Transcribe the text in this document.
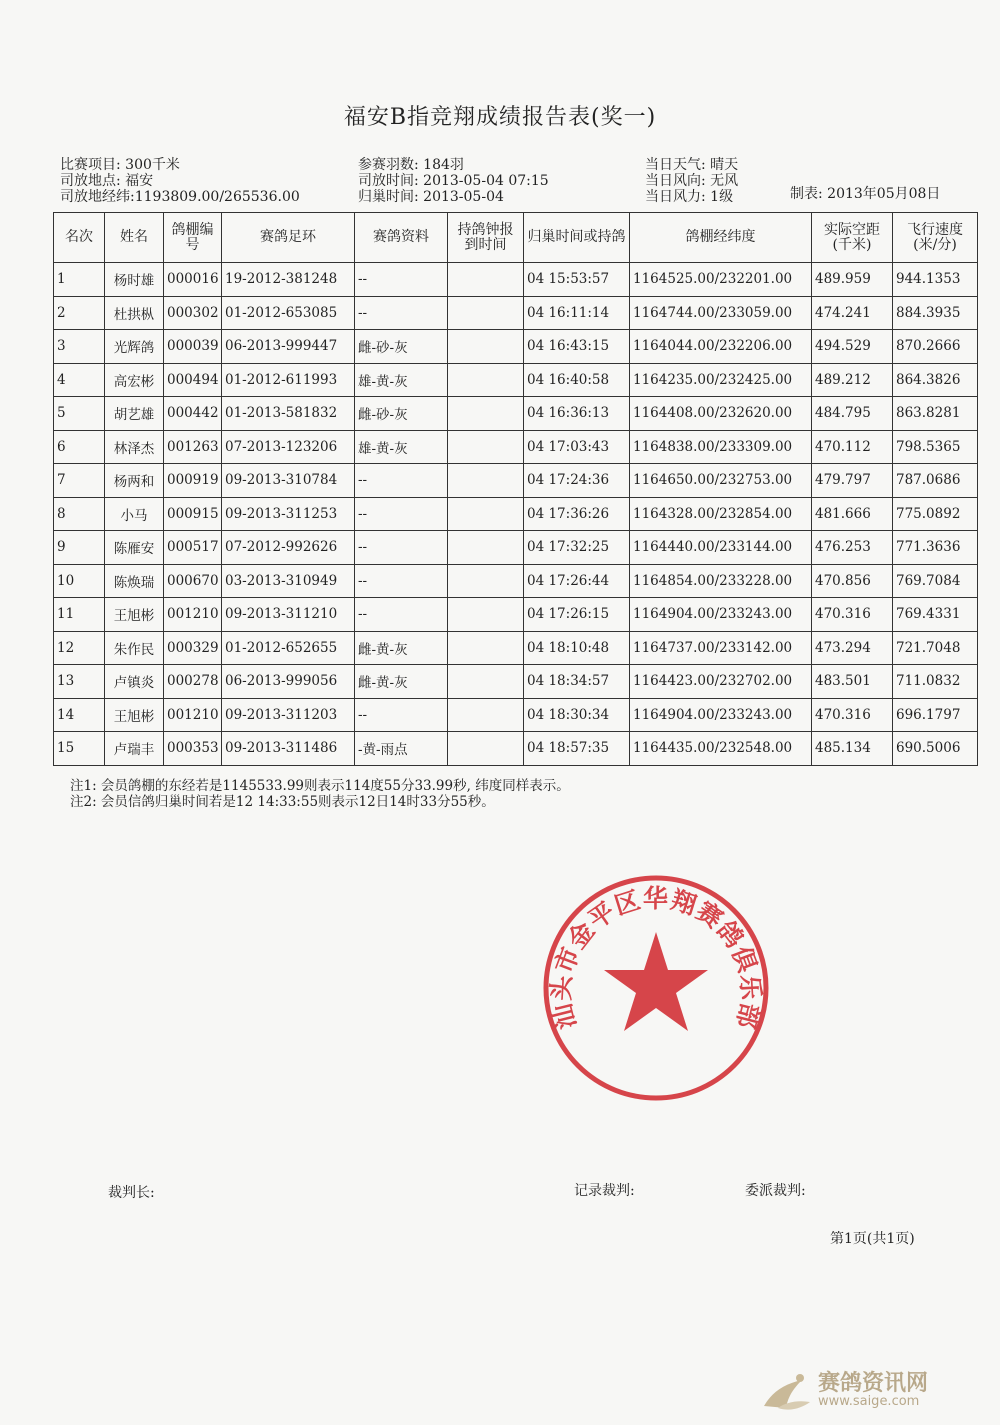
福安B指竞翔成绩报告表(奖一)
比赛项目: 300千米
司放地点: 福安
司放地经纬:1193809.00/265536.00
参赛羽数: 184羽
司放时间: 2013-05-04 07:15
归巢时间: 2013-05-04
当日天气: 晴天
当日风向: 无风
当日风力: 1级	制表: 2013年05月08日
名次	姓名	鸽棚编号	赛鸽足环	赛鸽资料	持鸽钟报到时间	归巢时间或持鸽	鸽棚经纬度	实际空距(千米)	飞行速度(米/分)
1	杨时雄	000016	19-2012-381248	--		04 15:53:57	1164525.00/232201.00	489.959	944.1353
2	杜拱枞	000302	01-2012-653085	--		04 16:11:14	1164744.00/233059.00	474.241	884.3935
3	光辉鸽	000039	06-2013-999447	雌-砂-灰		04 16:43:15	1164044.00/232206.00	494.529	870.2666
4	高宏彬	000494	01-2012-611993	雄-黄-灰		04 16:40:58	1164235.00/232425.00	489.212	864.3826
5	胡艺雄	000442	01-2013-581832	雌-砂-灰		04 16:36:13	1164408.00/232620.00	484.795	863.8281
6	林泽杰	001263	07-2013-123206	雄-黄-灰		04 17:03:43	1164838.00/233309.00	470.112	798.5365
7	杨两和	000919	09-2013-310784	--		04 17:24:36	1164650.00/232753.00	479.797	787.0686
8	小马	000915	09-2013-311253	--		04 17:36:26	1164328.00/232854.00	481.666	775.0892
9	陈雁安	000517	07-2012-992626	--		04 17:32:25	1164440.00/233144.00	476.253	771.3636
10	陈焕瑞	000670	03-2013-310949	--		04 17:26:44	1164854.00/233228.00	470.856	769.7084
11	王旭彬	001210	09-2013-311210	--		04 17:26:15	1164904.00/233243.00	470.316	769.4331
12	朱作民	000329	01-2012-652655	雌-黄-灰		04 18:10:48	1164737.00/233142.00	473.294	721.7048
13	卢镇炎	000278	06-2013-999056	雌-黄-灰		04 18:34:57	1164423.00/232702.00	483.501	711.0832
14	王旭彬	001210	09-2013-311203	--		04 18:30:34	1164904.00/233243.00	470.316	696.1797
15	卢瑞丰	000353	09-2013-311486	-黄-雨点		04 18:57:35	1164435.00/232548.00	485.134	690.5006
注1: 会员鸽棚的东经若是1145533.99则表示114度55分33.99秒, 纬度同样表示。
注2: 会员信鸽归巢时间若是12 14:33:55则表示12日14时33分55秒。
汕头市金平区华翔赛鸽俱乐部
裁判长:	记录裁判:	委派裁判:
第1页(共1页)
赛鸽资讯网
www.saige.com
